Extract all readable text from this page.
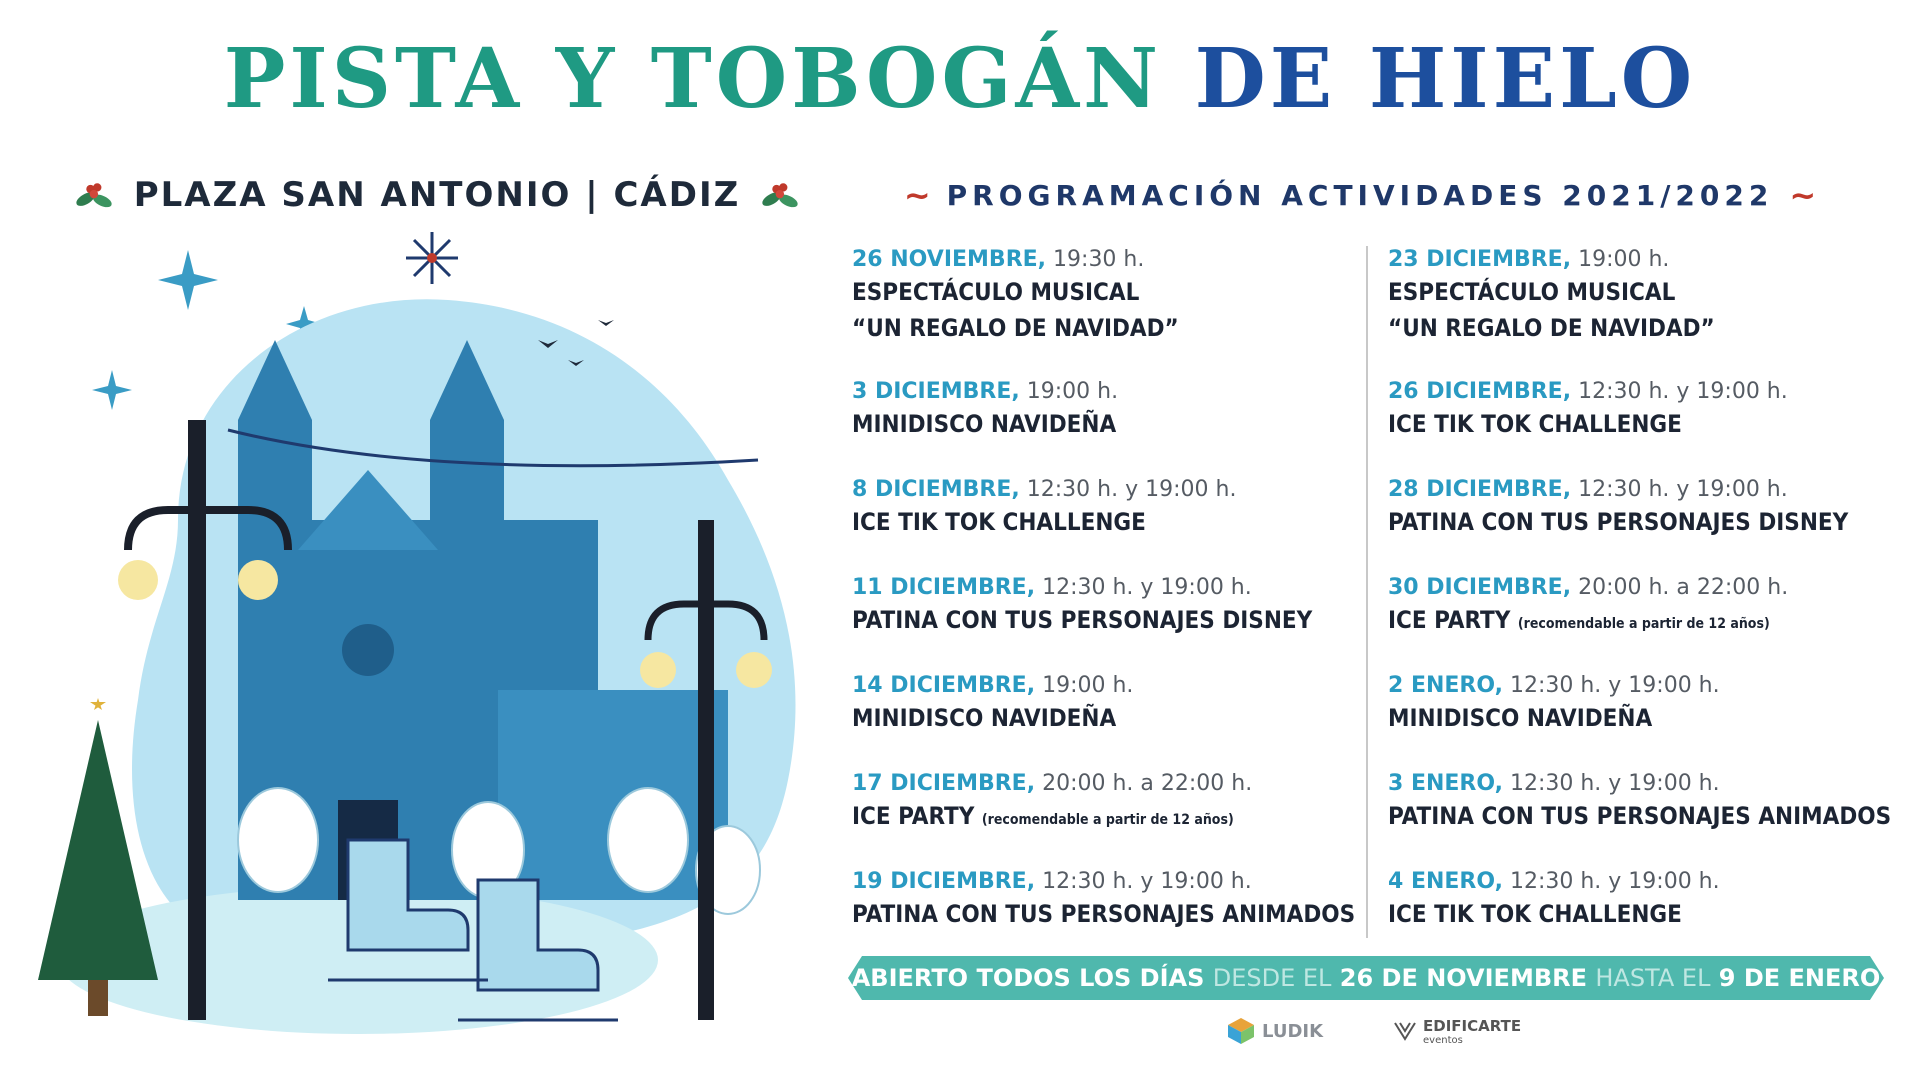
PISTA Y TOBOGÁN DE HIELO
PLAZA SAN ANTONIO | CÁDIZ	~ PROGRAMACIÓN ACTIVIDADES 2021/2022 ~
26 NOVIEMBRE, 19:30 h.
ESPECTÁCULO MUSICAL
“UN REGALO DE NAVIDAD”
3 DICIEMBRE, 19:00 h.
MINIDISCO NAVIDEÑA
8 DICIEMBRE, 12:30 h. y 19:00 h.
ICE TIK TOK CHALLENGE
11 DICIEMBRE, 12:30 h. y 19:00 h.
PATINA CON TUS PERSONAJES DISNEY
14 DICIEMBRE, 19:00 h.
MINIDISCO NAVIDEÑA
17 DICIEMBRE, 20:00 h. a 22:00 h.
ICE PARTY (recomendable a partir de 12 años)
19 DICIEMBRE, 12:30 h. y 19:00 h.
PATINA CON TUS PERSONAJES ANIMADOS
23 DICIEMBRE, 19:00 h.
ESPECTÁCULO MUSICAL
“UN REGALO DE NAVIDAD”
26 DICIEMBRE, 12:30 h. y 19:00 h.
ICE TIK TOK CHALLENGE
28 DICIEMBRE, 12:30 h. y 19:00 h.
PATINA CON TUS PERSONAJES DISNEY
30 DICIEMBRE, 20:00 h. a 22:00 h.
ICE PARTY (recomendable a partir de 12 años)
2 ENERO, 12:30 h. y 19:00 h.
MINIDISCO NAVIDEÑA
3 ENERO, 12:30 h. y 19:00 h.
PATINA CON TUS PERSONAJES ANIMADOS
4 ENERO, 12:30 h. y 19:00 h.
ICE TIK TOK CHALLENGE
ABIERTO TODOS LOS DÍAS DESDE EL 26 DE NOVIEMBRE HASTA EL 9 DE ENERO
LUDIK	EDIFICARTE
eventos
